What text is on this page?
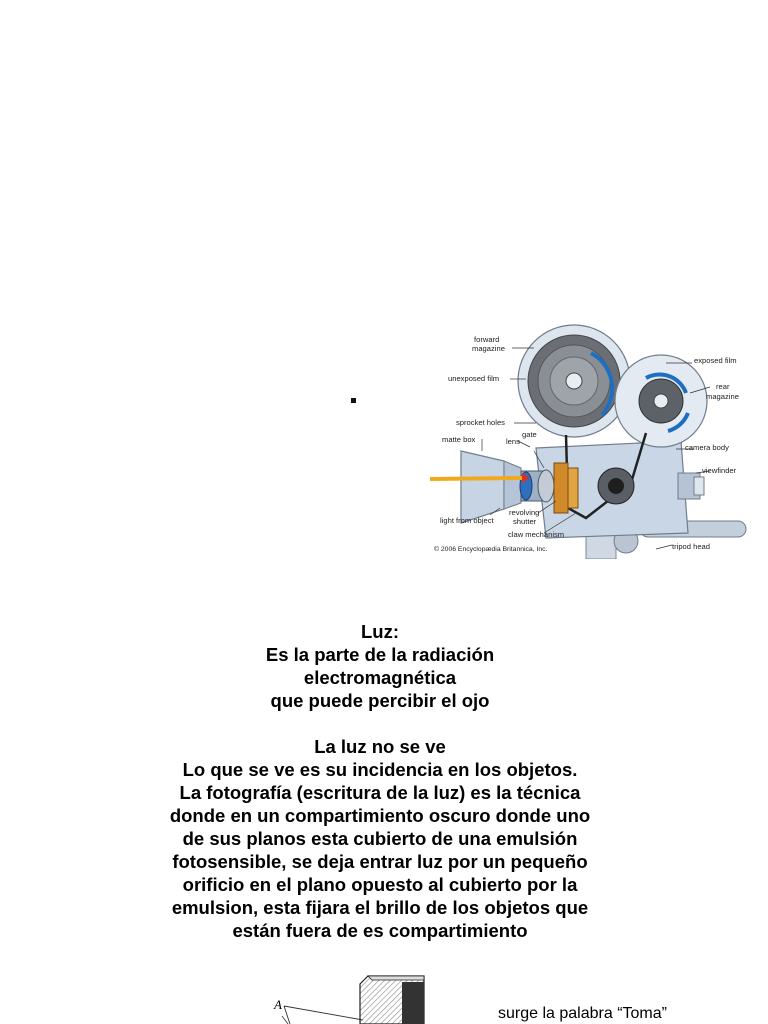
forward
magazine
unexposed film
sprocket holes
gate
matte box	lens
light from object
revolving
shutter
claw mechanism
exposed film
rear
magazine
camera body
viewfinder
tripod head
© 2006 Encyclopædia Britannica, Inc.

Luz:

Es la parte de la radiación

electromagnética

que puede percibir el ojo

La luz no se ve

Lo que se ve es su incidencia en los objetos.

La fotografía (escritura de la luz) es la técnica

donde en un compartimiento oscuro donde uno

de sus planos esta cubierto de una emulsión

fotosensible, se deja entrar luz por un pequeño

orificio en el plano opuesto al cubierto por la

emulsion, esta fijara el brillo de los objetos que

están fuera de es compartimiento

A
surge la palabra “Toma”
